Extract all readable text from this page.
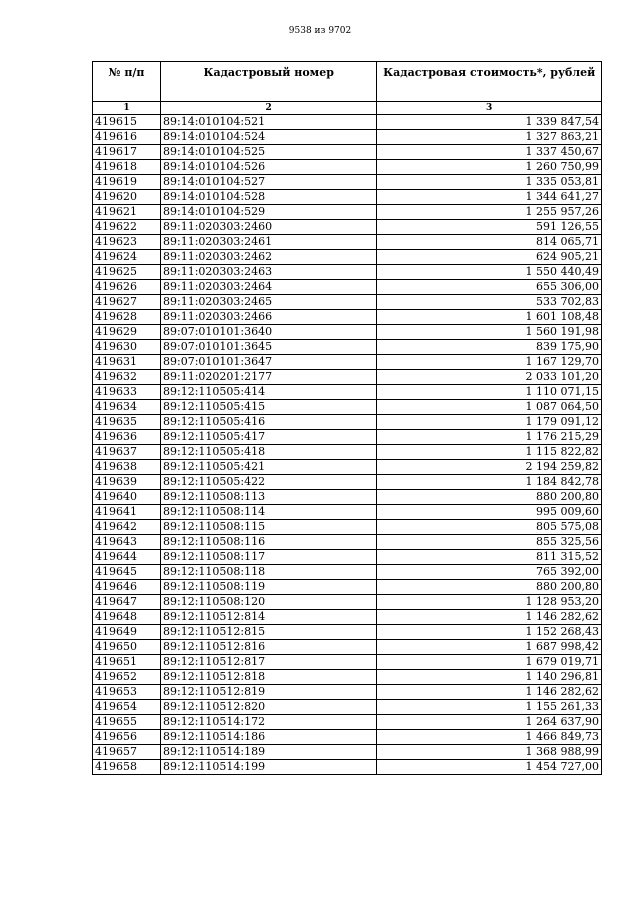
9538 из 9702
№ п/п	Кадастровый номер	Кадастровая стоимость*, рублей
1	2	3
419615	89:14:010104:521	1 339 847,54
419616	89:14:010104:524	1 327 863,21
419617	89:14:010104:525	1 337 450,67
419618	89:14:010104:526	1 260 750,99
419619	89:14:010104:527	1 335 053,81
419620	89:14:010104:528	1 344 641,27
419621	89:14:010104:529	1 255 957,26
419622	89:11:020303:2460	591 126,55
419623	89:11:020303:2461	814 065,71
419624	89:11:020303:2462	624 905,21
419625	89:11:020303:2463	1 550 440,49
419626	89:11:020303:2464	655 306,00
419627	89:11:020303:2465	533 702,83
419628	89:11:020303:2466	1 601 108,48
419629	89:07:010101:3640	1 560 191,98
419630	89:07:010101:3645	839 175,90
419631	89:07:010101:3647	1 167 129,70
419632	89:11:020201:2177	2 033 101,20
419633	89:12:110505:414	1 110 071,15
419634	89:12:110505:415	1 087 064,50
419635	89:12:110505:416	1 179 091,12
419636	89:12:110505:417	1 176 215,29
419637	89:12:110505:418	1 115 822,82
419638	89:12:110505:421	2 194 259,82
419639	89:12:110505:422	1 184 842,78
419640	89:12:110508:113	880 200,80
419641	89:12:110508:114	995 009,60
419642	89:12:110508:115	805 575,08
419643	89:12:110508:116	855 325,56
419644	89:12:110508:117	811 315,52
419645	89:12:110508:118	765 392,00
419646	89:12:110508:119	880 200,80
419647	89:12:110508:120	1 128 953,20
419648	89:12:110512:814	1 146 282,62
419649	89:12:110512:815	1 152 268,43
419650	89:12:110512:816	1 687 998,42
419651	89:12:110512:817	1 679 019,71
419652	89:12:110512:818	1 140 296,81
419653	89:12:110512:819	1 146 282,62
419654	89:12:110512:820	1 155 261,33
419655	89:12:110514:172	1 264 637,90
419656	89:12:110514:186	1 466 849,73
419657	89:12:110514:189	1 368 988,99
419658	89:12:110514:199	1 454 727,00
